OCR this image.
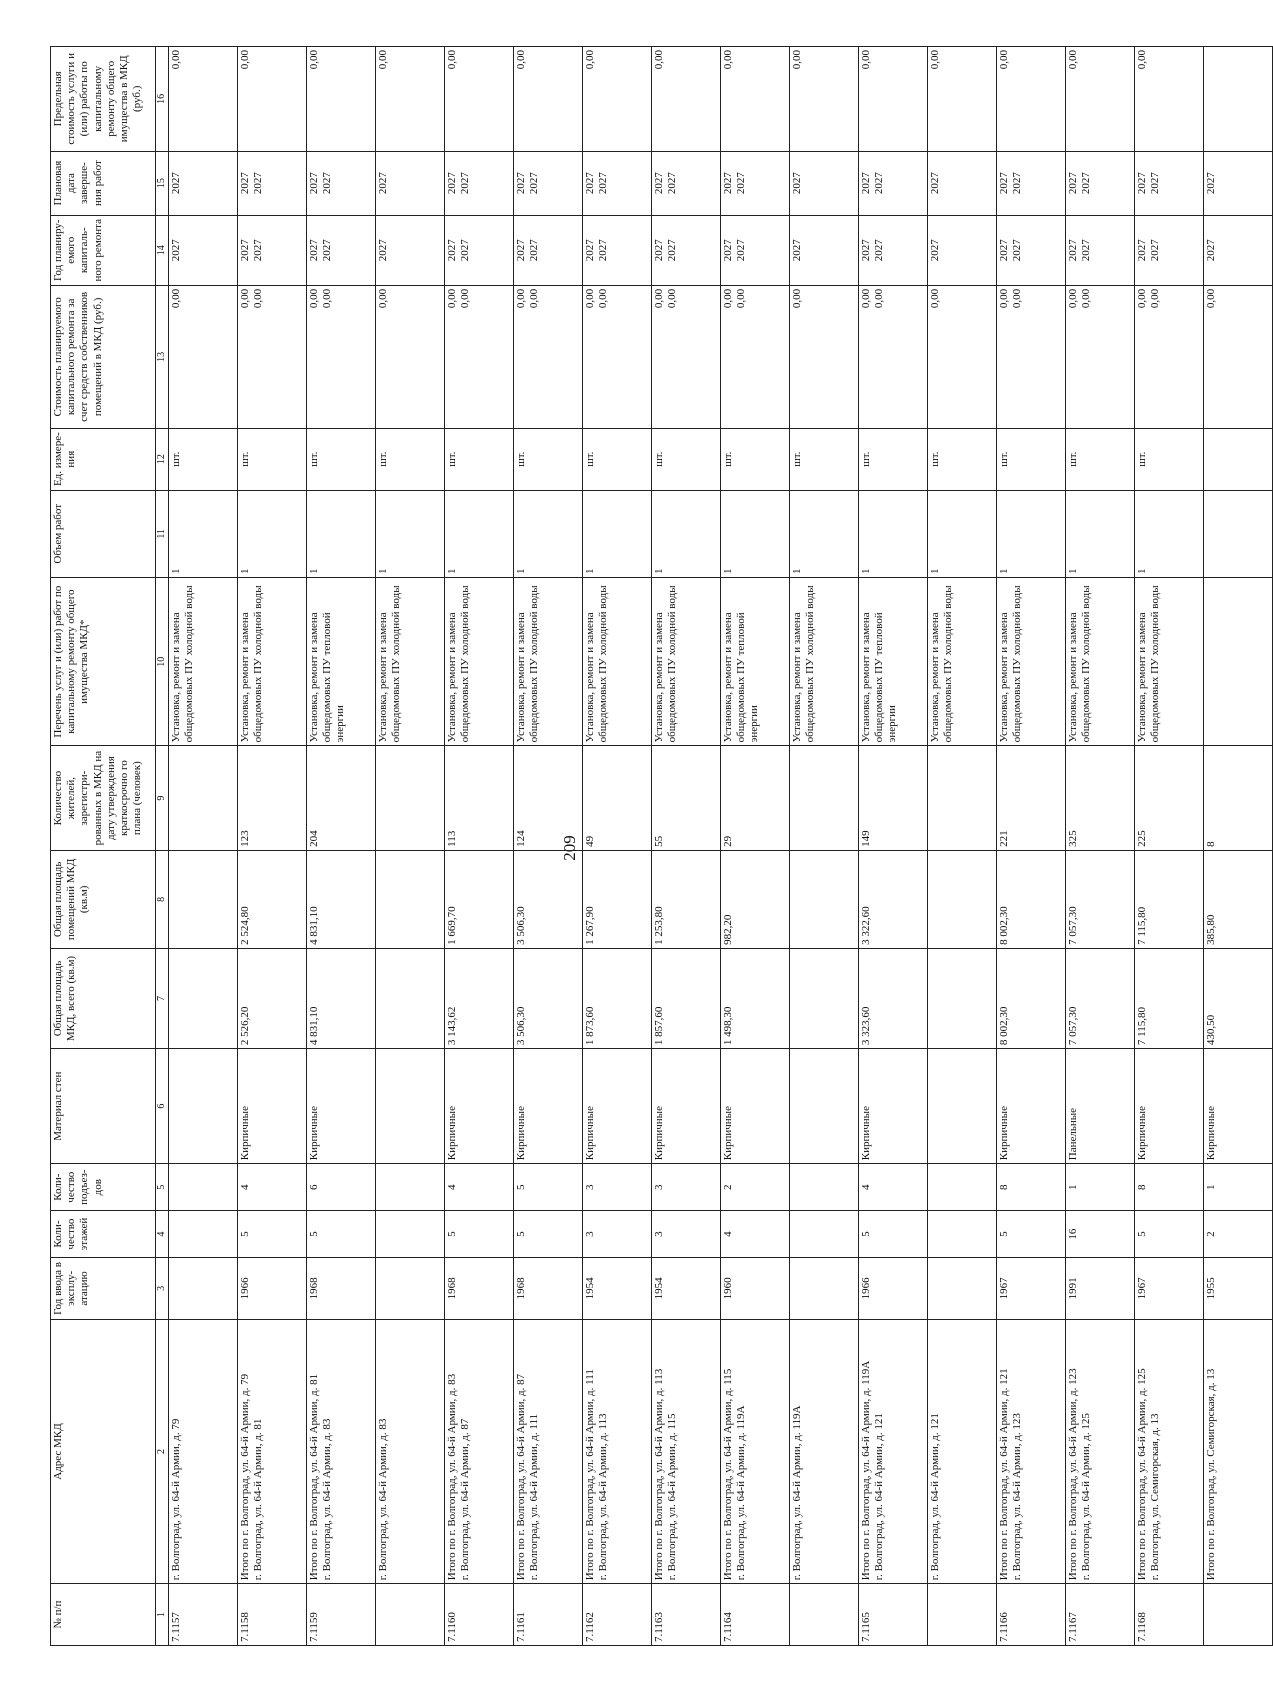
209
№ п/п	Адрес МКД	Год ввода в эксплу-атацию	Коли-чество этажей	Коли-чество подъез-дов	Материал стен	Общая площадь МКД, всего (кв.м)	Общая площадь помещений МКД (кв.м)	Количество жителей, зарегистри-рованных в МКД на дату утверждения краткосрочно го плана (человек)	Перечень услуг и (или) работ по капитальному ремонту общего имущества МКД*	Объем работ	Ед. измере-ния	Стоимость планируемого капитального ремонта за счет средств собственников помещений в МКД (руб.)	Год планиру-емого капиталь-ного ремонта	Плановая дата заверше-ния работ	Предельная стоимость услуги и (или) работы по капитальному ремонту общего имущества в МКД (руб.)
1	2	3	4	5	6	7	8	9	10	11	12	13	14	15	16
7.1157	г. Волгоград, ул. 64-й Армии, д. 79								Установка, ремонт и замена общедомовых ПУ холодной воды	1	шт.	0,00	2027	2027	0,00
7.1158	Итого по г. Волгоград, ул. 64-й Армии, д. 79 г. Волгоград, ул. 64-й Армии, д. 81	1966	5	4	Кирпичные	2 526,20	2 524,80	123	Установка, ремонт и замена общедомовых ПУ холодной воды	1	шт.	0,00 0,00	2027 2027	2027 2027	0,00
7.1159	Итого по г. Волгоград, ул. 64-й Армии, д. 81 г. Волгоград, ул. 64-й Армии, д. 83	1968	5	6	Кирпичные	4 831,10	4 831,10	204	Установка, ремонт и замена общедомовых ПУ тепловой энергии	1	шт.	0,00 0,00	2027 2027	2027 2027	0,00

	г. Волгоград, ул. 64-й Армии, д. 83								Установка, ремонт и замена общедомовых ПУ холодной воды	1	шт.	0,00	2027	2027	0,00
7.1160	Итого по г. Волгоград, ул. 64-й Армии, д. 83 г. Волгоград, ул. 64-й Армии, д. 87	1968	5	4	Кирпичные	3 143,62	1 669,70	113	Установка, ремонт и замена общедомовых ПУ холодной воды	1	шт.	0,00 0,00	2027 2027	2027 2027	0,00
7.1161	Итого по г. Волгоград, ул. 64-й Армии, д. 87 г. Волгоград, ул. 64-й Армии, д. 111	1968	5	5	Кирпичные	3 506,30	3 506,30	124	Установка, ремонт и замена общедомовых ПУ холодной воды	1	шт.	0,00 0,00	2027 2027	2027 2027	0,00
7.1162	Итого по г. Волгоград, ул. 64-й Армии, д. 111 г. Волгоград, ул. 64-й Армии, д. 113	1954	3	3	Кирпичные	1 873,60	1 267,90	49	Установка, ремонт и замена общедомовых ПУ холодной воды	1	шт.	0,00 0,00	2027 2027	2027 2027	0,00
7.1163	Итого по г. Волгоград, ул. 64-й Армии, д. 113 г. Волгоград, ул. 64-й Армии, д. 115	1954	3	3	Кирпичные	1 857,60	1 253,80	55	Установка, ремонт и замена общедомовых ПУ холодной воды	1	шт.	0,00 0,00	2027 2027	2027 2027	0,00
7.1164	Итого по г. Волгоград, ул. 64-й Армии, д. 115 г. Волгоград, ул. 64-й Армии, д. 119А	1960	4	2	Кирпичные	1 498,30	982,20	29	Установка, ремонт и замена общедомовых ПУ тепловой энергии	1	шт.	0,00 0,00	2027 2027	2027 2027	0,00

	г. Волгоград, ул. 64-й Армии, д. 119А								Установка, ремонт и замена общедомовых ПУ холодной воды	1	шт.	0,00	2027	2027	0,00
7.1165	Итого по г. Волгоград, ул. 64-й Армии, д. 119А г. Волгоград, ул. 64-й Армии, д. 121	1966	5	4	Кирпичные	3 323,60	3 322,60	149	Установка, ремонт и замена общедомовых ПУ тепловой энергии	1	шт.	0,00 0,00	2027 2027	2027 2027	0,00

	г. Волгоград, ул. 64-й Армии, д. 121								Установка, ремонт и замена общедомовых ПУ холодной воды	1	шт.	0,00	2027	2027	0,00
7.1166	Итого по г. Волгоград, ул. 64-й Армии, д. 121 г. Волгоград, ул. 64-й Армии, д. 123	1967	5	8	Кирпичные	8 002,30	8 002,30	221	Установка, ремонт и замена общедомовых ПУ холодной воды	1	шт.	0,00 0,00	2027 2027	2027 2027	0,00
7.1167	Итого по г. Волгоград, ул. 64-й Армии, д. 123 г. Волгоград, ул. 64-й Армии, д. 125	1991	16	1	Панельные	7 057,30	7 057,30	325	Установка, ремонт и замена общедомовых ПУ холодной воды	1	шт.	0,00 0,00	2027 2027	2027 2027	0,00
7.1168	Итого по г. Волгоград, ул. 64-й Армии, д. 125 г. Волгоград, ул. Семигорская, д. 13	1967	5	8	Кирпичные	7 115,80	7 115,80	225	Установка, ремонт и замена общедомовых ПУ холодной воды	1	шт.	0,00 0,00	2027 2027	2027 2027	0,00

	Итого по г. Волгоград, ул. Семигорская, д. 13	1955	2	1	Кирпичные	430,50	385,80	8				0,00	2027	2027	
